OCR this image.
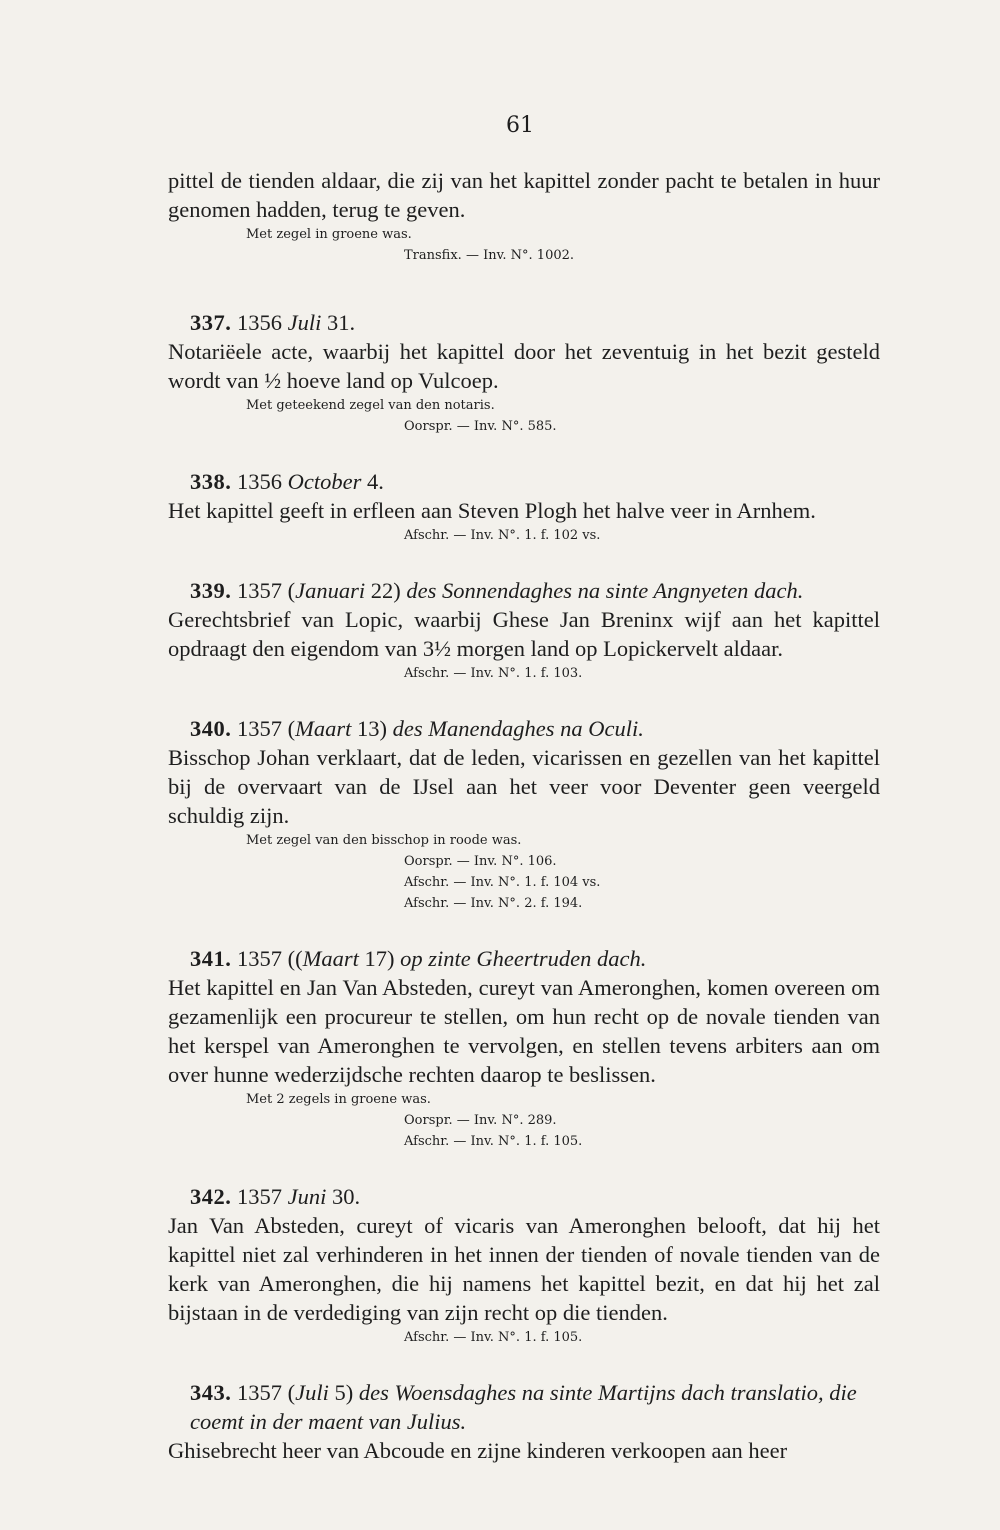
61

pittel de tienden aldaar, die zij van het kapittel zonder pacht te betalen in huur genomen hadden, terug te geven.

Met zegel in groene was.
Transfix. — Inv. N°. 1002.
337. 1356 Juli 31.

Notariëele acte, waarbij het kapittel door het zeventuig in het bezit gesteld wordt van ½ hoeve land op Vulcoep.

Met geteekend zegel van den notaris.
Oorspr. — Inv. N°. 585.
338. 1356 October 4.

Het kapittel geeft in erfleen aan Steven Plogh het halve veer in Arnhem.

Afschr. — Inv. N°. 1. f. 102 vs.
339. 1357 (Januari 22) des Sonnendaghes na sinte Angnyeten dach.

Gerechtsbrief van Lopic, waarbij Ghese Jan Breninx wijf aan het kapittel opdraagt den eigendom van 3½ morgen land op Lopickervelt aldaar.

Afschr. — Inv. N°. 1. f. 103.
340. 1357 (Maart 13) des Manendaghes na Oculi.

Bisschop Johan verklaart, dat de leden, vicarissen en gezellen van het kapittel bij de overvaart van de IJsel aan het veer voor Deventer geen veergeld schuldig zijn.

Met zegel van den bisschop in roode was.
Oorspr. — Inv. N°. 106.
Afschr. — Inv. N°. 1. f. 104 vs.
Afschr. — Inv. N°. 2. f. 194.
341. 1357 ((Maart 17) op zinte Gheertruden dach.

Het kapittel en Jan Van Absteden, cureyt van Ameronghen, komen overeen om gezamenlijk een procureur te stellen, om hun recht op de novale tienden van het kerspel van Ameronghen te vervolgen, en stellen tevens arbiters aan om over hunne wederzijdsche rechten daarop te beslissen.

Met 2 zegels in groene was.
Oorspr. — Inv. N°. 289.
Afschr. — Inv. N°. 1. f. 105.
342. 1357 Juni 30.

Jan Van Absteden, cureyt of vicaris van Ameronghen belooft, dat hij het kapittel niet zal verhinderen in het innen der tienden of novale tienden van de kerk van Ameronghen, die hij namens het kapittel bezit, en dat hij het zal bijstaan in de verdediging van zijn recht op die tienden.

Afschr. — Inv. N°. 1. f. 105.
343. 1357 (Juli 5) des Woensdaghes na sinte Martijns dach translatio, die coemt in der maent van Julius.

Ghisebrecht heer van Abcoude en zijne kinderen verkoopen aan heer
